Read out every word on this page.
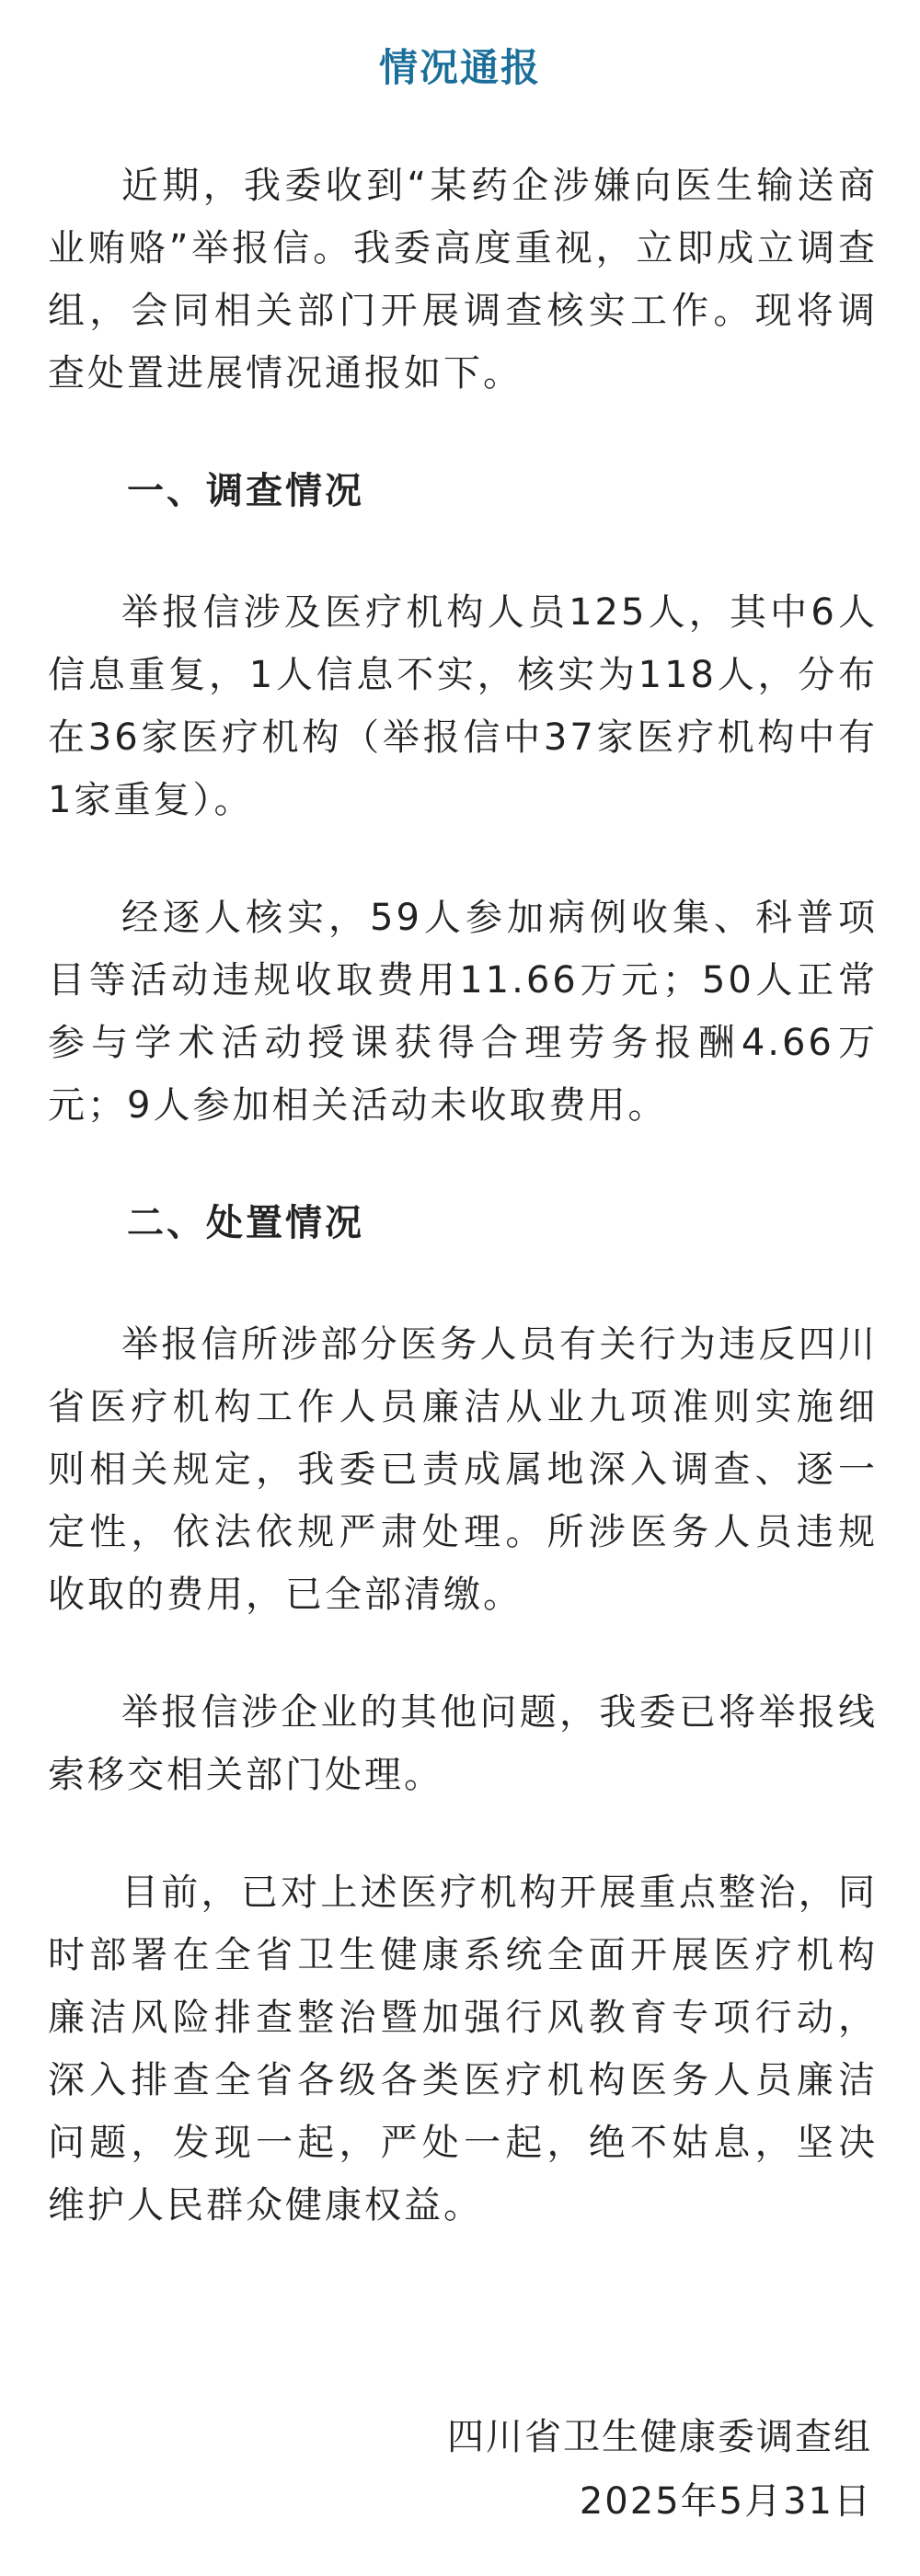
情况通报

近期，我委收到“某药企涉嫌向医生输送商业贿赂”举报信。我委高度重视，立即成立调查组，会同相关部门开展调查核实工作。现将调查处置进展情况通报如下。

一、调查情况

举报信涉及医疗机构人员125人，其中6人信息重复，1人信息不实，核实为118人，分布在36家医疗机构（举报信中37家医疗机构中有1家重复）。

经逐人核实，59人参加病例收集、科普项目等活动违规收取费用11.66万元；50人正常参与学术活动授课获得合理劳务报酬4.66万元；9人参加相关活动未收取费用。

二、处置情况

举报信所涉部分医务人员有关行为违反四川省医疗机构工作人员廉洁从业九项准则实施细则相关规定，我委已责成属地深入调查、逐一定性，依法依规严肃处理。所涉医务人员违规收取的费用，已全部清缴。

举报信涉企业的其他问题，我委已将举报线索移交相关部门处理。

目前，已对上述医疗机构开展重点整治，同时部署在全省卫生健康系统全面开展医疗机构廉洁风险排查整治暨加强行风教育专项行动，深入排查全省各级各类医疗机构医务人员廉洁问题，发现一起，严处一起，绝不姑息，坚决维护人民群众健康权益。

四川省卫生健康委调查组
2025年5月31日
